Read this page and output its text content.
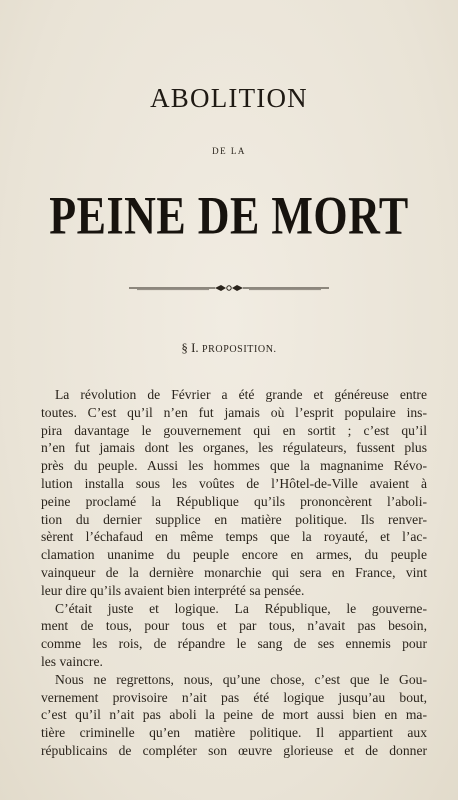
ABOLITION
DE LA
PEINE DE MORT
§ I. PROPOSITION.
La révolution de Février a été grande et généreuse entre
toutes. C’est qu’il n’en fut jamais où l’esprit populaire ins-
pira davantage le gouvernement qui en sortit ; c’est qu’il
n’en fut jamais dont les organes, les régulateurs, fussent plus
près du peuple. Aussi les hommes que la magnanime Révo-
lution installa sous les voûtes de l’Hôtel-de-Ville avaient à
peine proclamé la République qu’ils prononcèrent l’aboli-
tion du dernier supplice en matière politique. Ils renver-
sèrent l’échafaud en même temps que la royauté, et l’ac-
clamation unanime du peuple encore en armes, du peuple
vainqueur de la dernière monarchie qui sera en France, vint
leur dire qu’ils avaient bien interprété sa pensée.
C’était juste et logique. La République, le gouverne-
ment de tous, pour tous et par tous, n’avait pas besoin,
comme les rois, de répandre le sang de ses ennemis pour
les vaincre.
Nous ne regrettons, nous, qu’une chose, c’est que le Gou-
vernement provisoire n’ait pas été logique jusqu’au bout,
c’est qu’il n’ait pas aboli la peine de mort aussi bien en ma-
tière criminelle qu’en matière politique. Il appartient aux
républicains de compléter son œuvre glorieuse et de donner
